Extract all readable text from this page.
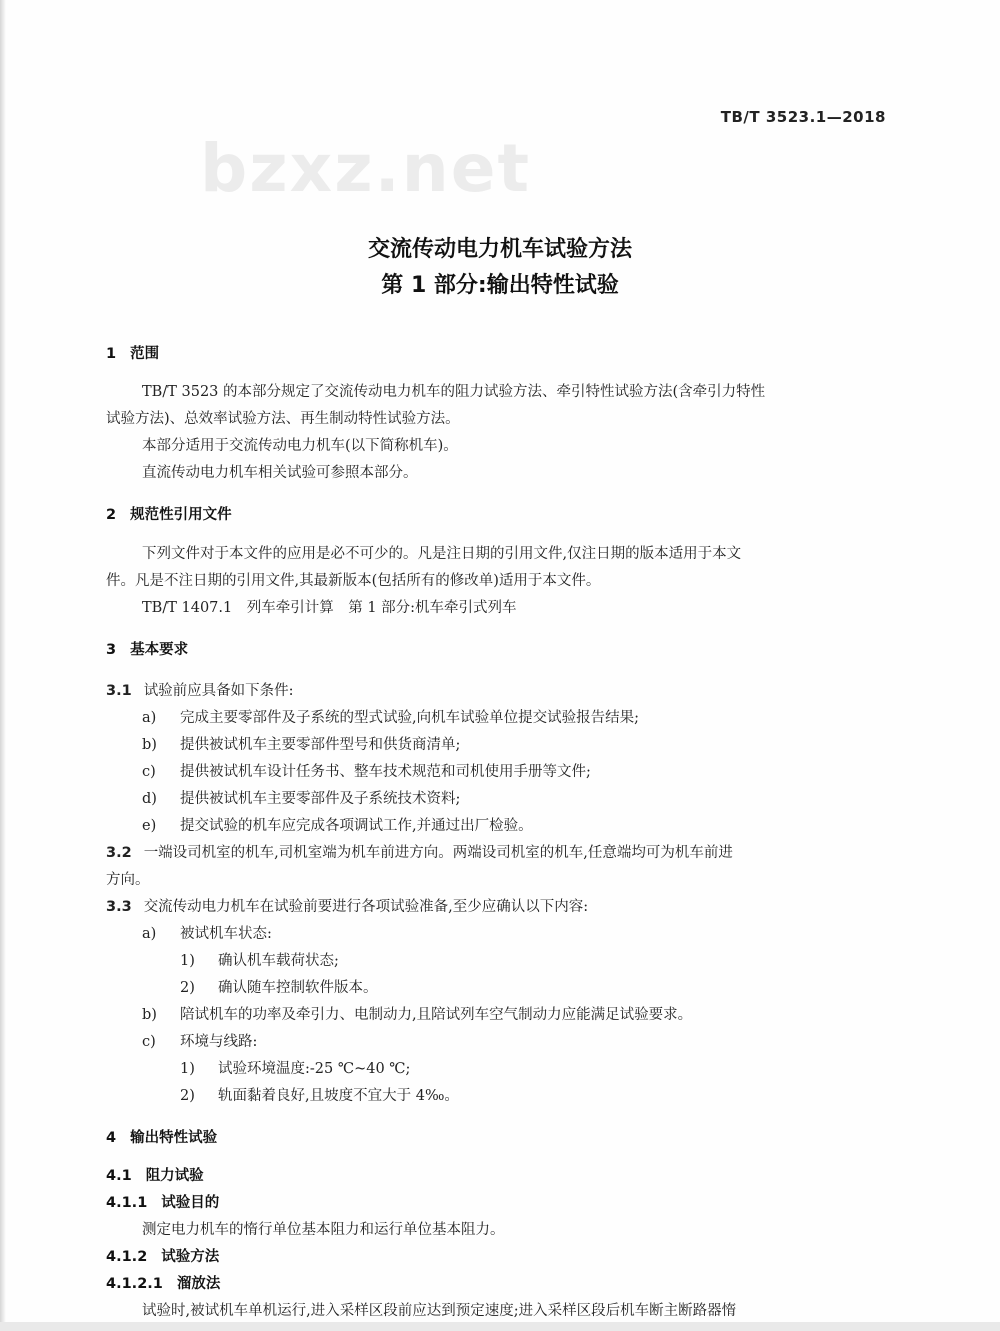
TB/T 3523.1—2018
bzxz.net
交流传动电力机车试验方法
第 1 部分:输出特性试验
1 范围
TB/T 3523 的本部分规定了交流传动电力机车的阻力试验方法、牵引特性试验方法(含牵引力特性
试验方法)、总效率试验方法、再生制动特性试验方法。
本部分适用于交流传动电力机车(以下简称机车)。
直流传动电力机车相关试验可参照本部分。
2 规范性引用文件
下列文件对于本文件的应用是必不可少的。凡是注日期的引用文件,仅注日期的版本适用于本文
件。凡是不注日期的引用文件,其最新版本(包括所有的修改单)适用于本文件。
TB/T 1407.1　列车牵引计算　第 1 部分:机车牵引式列车
3 基本要求
3.1 试验前应具备如下条件:
a) 完成主要零部件及子系统的型式试验,向机车试验单位提交试验报告结果;
b) 提供被试机车主要零部件型号和供货商清单;
c) 提供被试机车设计任务书、整车技术规范和司机使用手册等文件;
d) 提供被试机车主要零部件及子系统技术资料;
e) 提交试验的机车应完成各项调试工作,并通过出厂检验。
3.2 一端设司机室的机车,司机室端为机车前进方向。两端设司机室的机车,任意端均可为机车前进
方向。
3.3 交流传动电力机车在试验前要进行各项试验准备,至少应确认以下内容:
a) 被试机车状态:
1) 确认机车载荷状态;
2) 确认随车控制软件版本。
b) 陪试机车的功率及牵引力、电制动力,且陪试列车空气制动力应能满足试验要求。
c) 环境与线路:
1) 试验环境温度:-25 ℃~40 ℃;
2) 轨面黏着良好,且坡度不宜大于 4‰。
4 输出特性试验
4.1 阻力试验
4.1.1 试验目的
测定电力机车的惰行单位基本阻力和运行单位基本阻力。
4.1.2 试验方法
4.1.2.1 溜放法
试验时,被试机车单机运行,进入采样区段前应达到预定速度;进入采样区段后机车断主断路器惰
